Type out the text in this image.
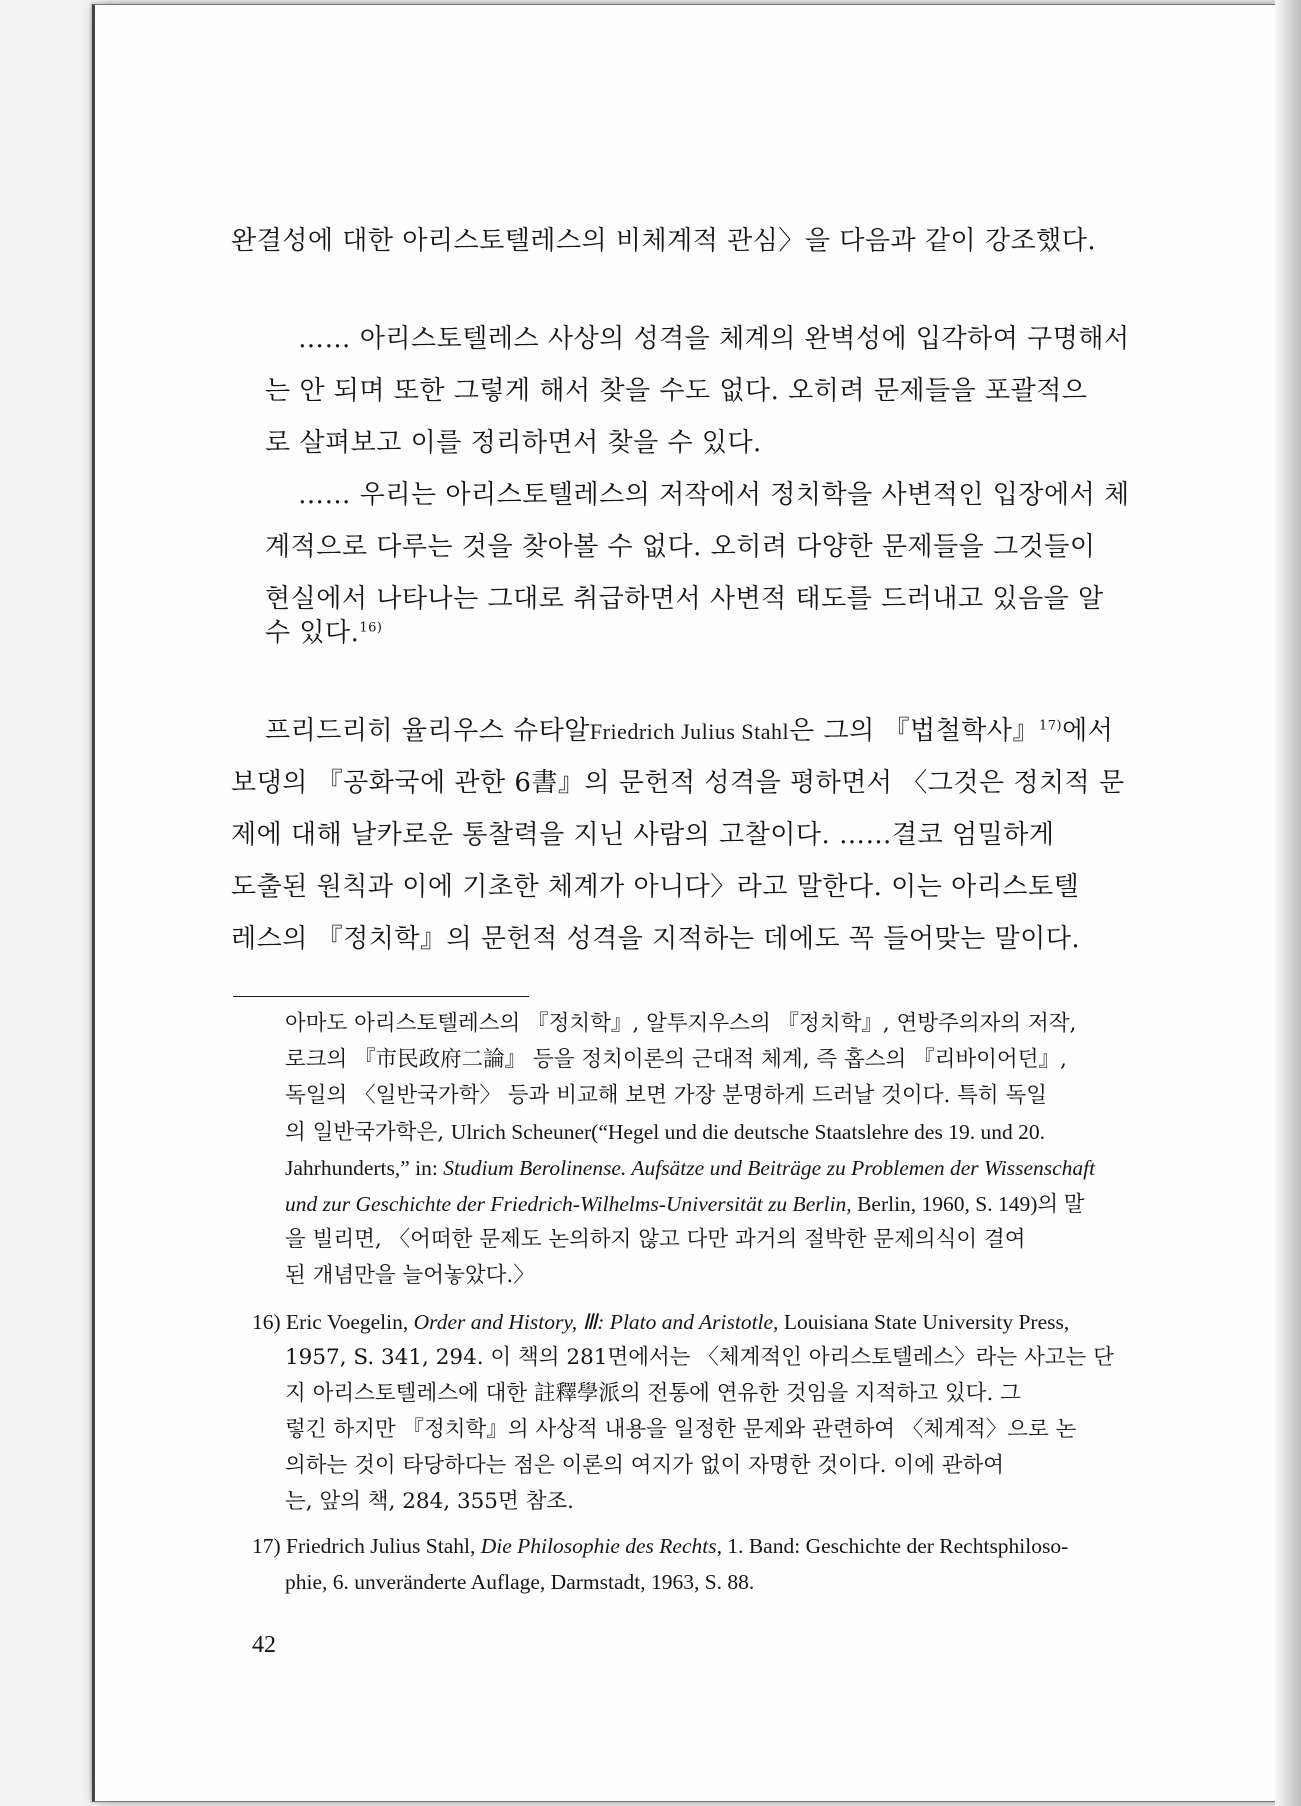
완결성에 대한 아리스토텔레스의 비체계적 관심〉을 다음과 같이 강조했다.
…… 아리스토텔레스 사상의 성격을 체계의 완벽성에 입각하여 구명해서
는 안 되며 또한 그렇게 해서 찾을 수도 없다. 오히려 문제들을 포괄적으
로 살펴보고 이를 정리하면서 찾을 수 있다.
…… 우리는 아리스토텔레스의 저작에서 정치학을 사변적인 입장에서 체
계적으로 다루는 것을 찾아볼 수 없다. 오히려 다양한 문제들을 그것들이
현실에서 나타나는 그대로 취급하면서 사변적 태도를 드러내고 있음을 알
수 있다.$^{16)}$
프리드리히 율리우스 슈타알Friedrich Julius Stahl은 그의 『법철학사』$^{17)}$에서
보댕의 『공화국에 관한 6書』의 문헌적 성격을 평하면서 〈그것은 정치적 문
제에 대해 날카로운 통찰력을 지닌 사람의 고찰이다. ……결코 엄밀하게
도출된 원칙과 이에 기초한 체계가 아니다〉라고 말한다. 이는 아리스토텔
레스의 『정치학』의 문헌적 성격을 지적하는 데에도 꼭 들어맞는 말이다.
아마도 아리스토텔레스의 『정치학』, 알투지우스의 『정치학』, 연방주의자의 저작,
로크의 『市民政府二論』 등을 정치이론의 근대적 체계, 즉 홉스의 『리바이어던』,
독일의 〈일반국가학〉 등과 비교해 보면 가장 분명하게 드러날 것이다. 특히 독일
의 일반국가학은, Ulrich Scheuner(“Hegel und die deutsche Staatslehre des 19. und 20.
Jahrhunderts,” in: Studium Berolinense. Aufsätze und Beiträge zu Problemen der Wissenschaft
und zur Geschichte der Friedrich-Wilhelms-Universität zu Berlin, Berlin, 1960, S. 149)의 말
을 빌리면, 〈어떠한 문제도 논의하지 않고 다만 과거의 절박한 문제의식이 결여
된 개념만을 늘어놓았다.〉
16) Eric Voegelin, Order and History, Ⅲ: Plato and Aristotle, Louisiana State University Press,
1957, S. 341, 294. 이 책의 281면에서는 〈체계적인 아리스토텔레스〉라는 사고는 단
지 아리스토텔레스에 대한 註釋學派의 전통에 연유한 것임을 지적하고 있다. 그
렇긴 하지만 『정치학』의 사상적 내용을 일정한 문제와 관련하여 〈체계적〉으로 논
의하는 것이 타당하다는 점은 이론의 여지가 없이 자명한 것이다. 이에 관하여
는, 앞의 책, 284, 355면 참조.
17) Friedrich Julius Stahl, Die Philosophie des Rechts, 1. Band: Geschichte der Rechtsphiloso-
phie, 6. unveränderte Auflage, Darmstadt, 1963, S. 88.
42
